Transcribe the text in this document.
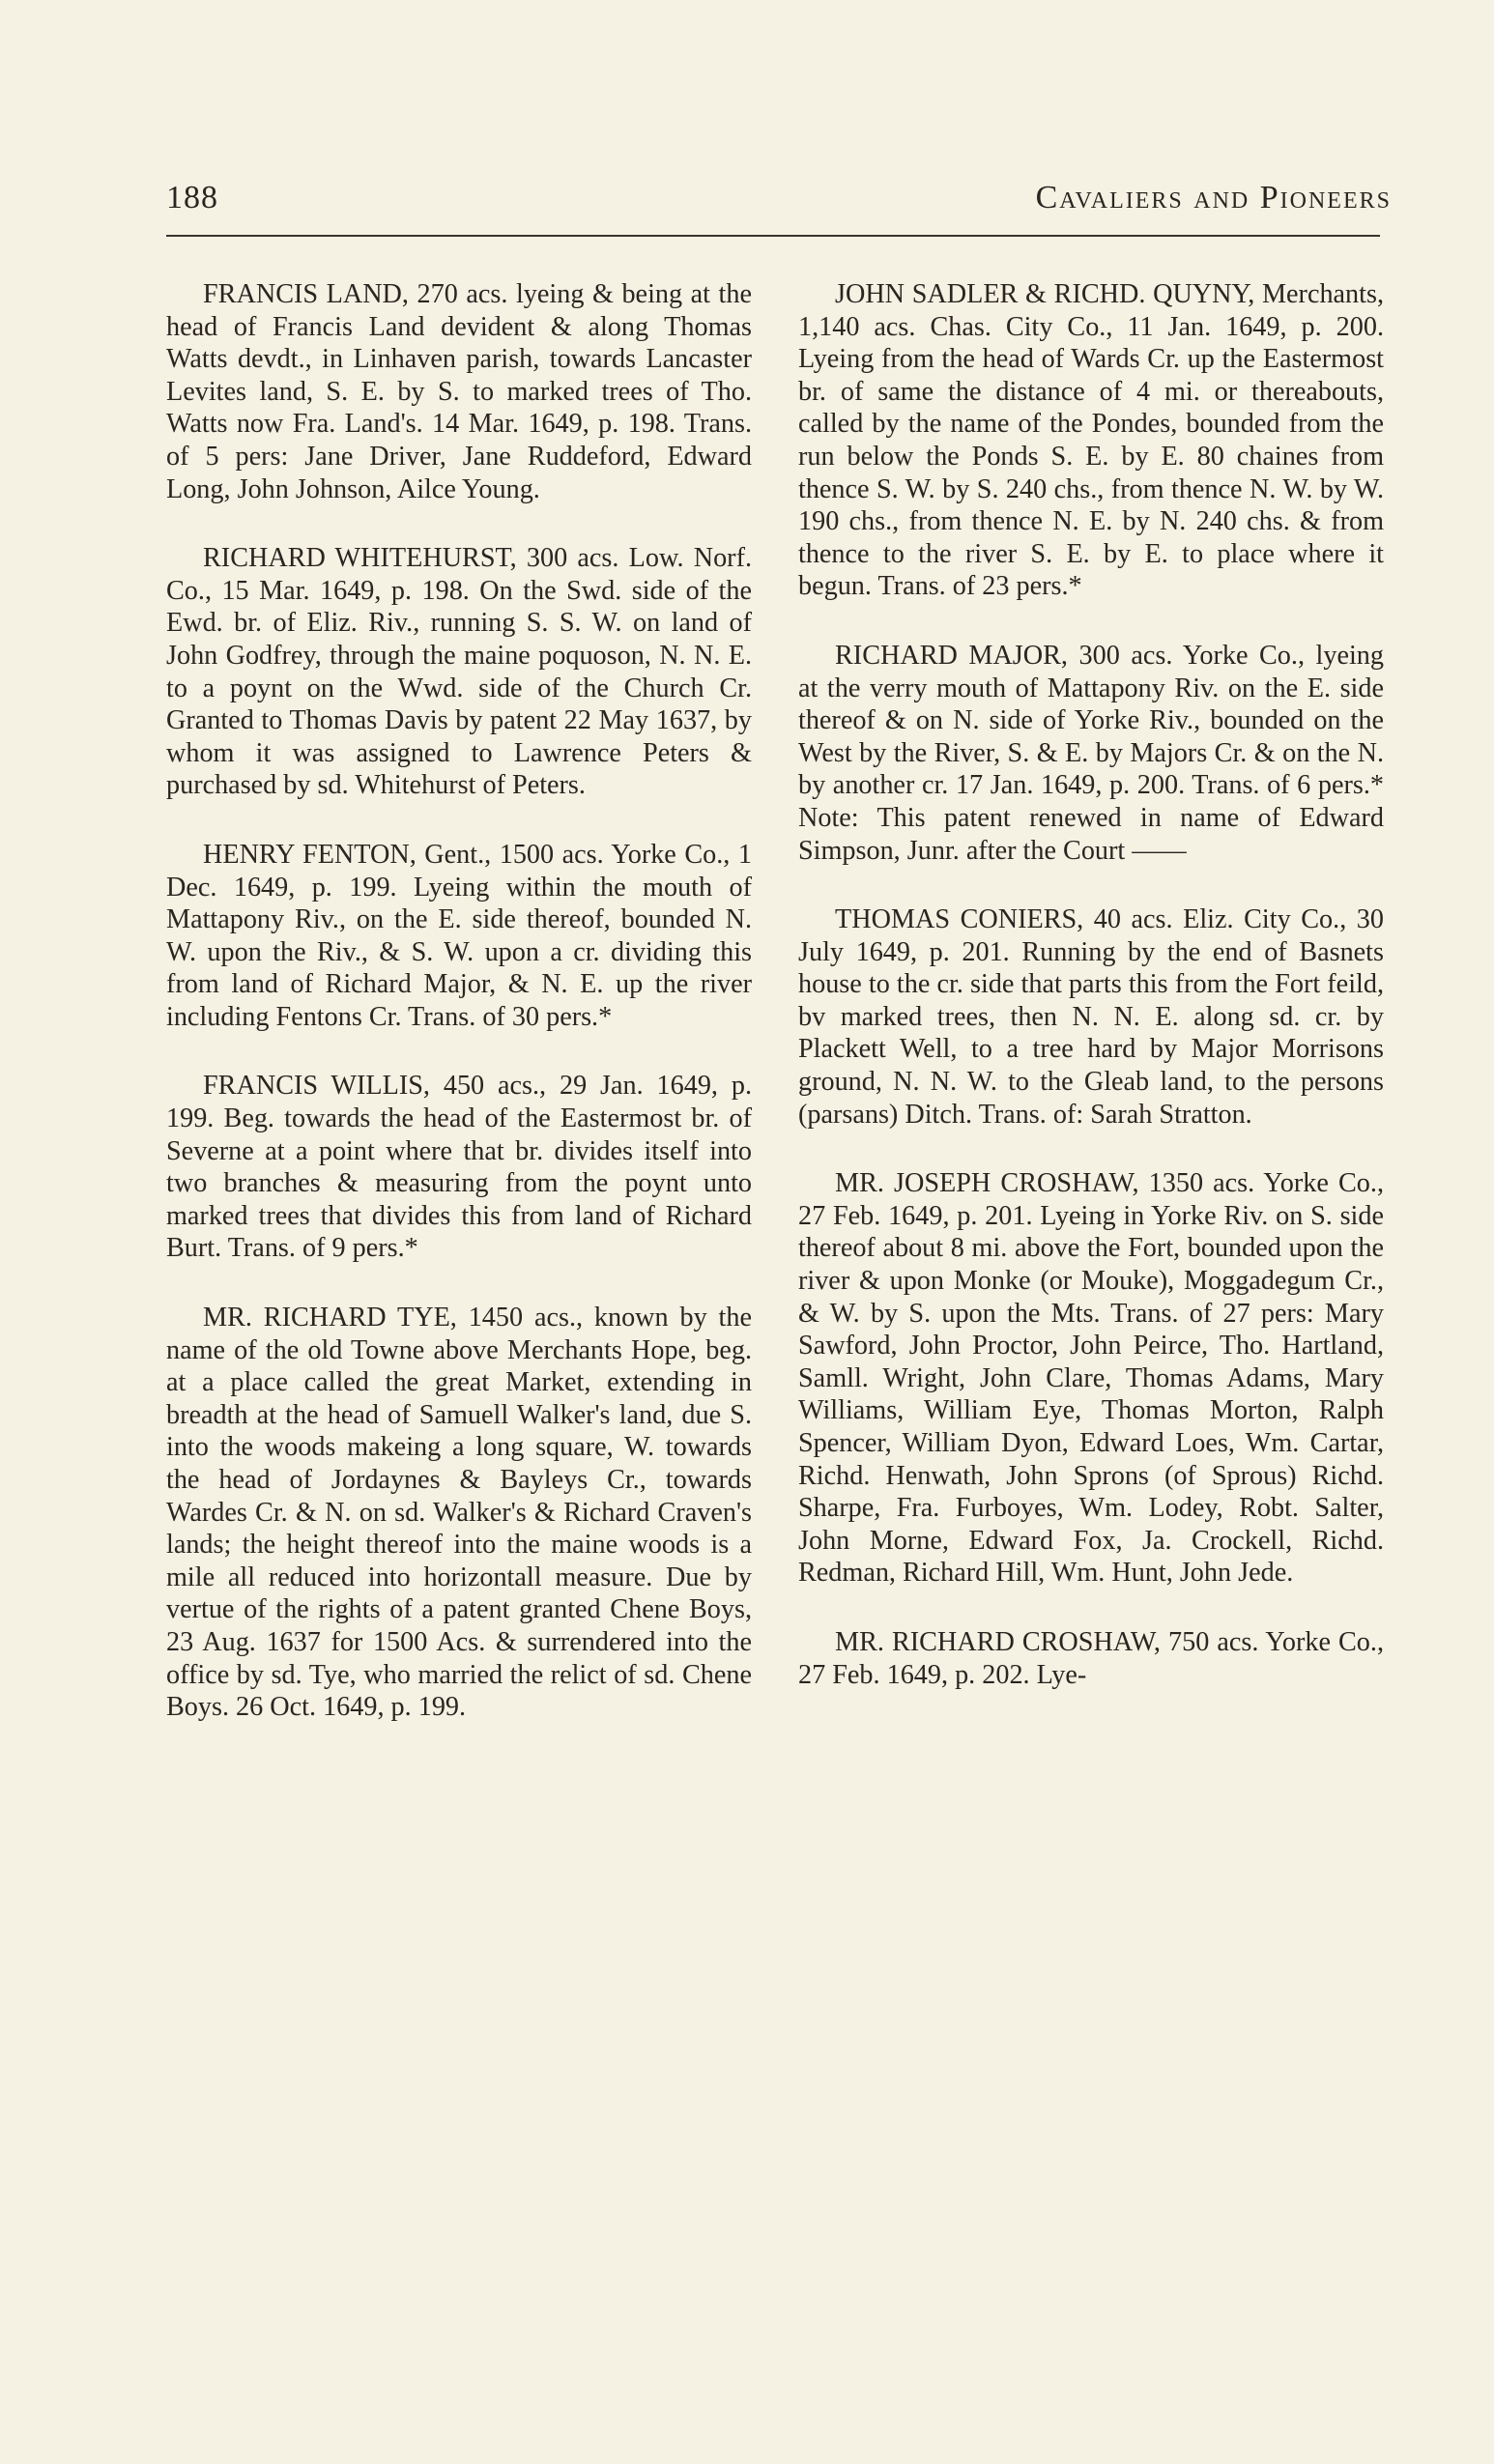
188	Cavaliers and Pioneers

FRANCIS LAND, 270 acs. lyeing & being at the head of Francis Land devident & along Thomas Watts devdt., in Linhaven parish, towards Lancaster Levites land, S. E. by S. to marked trees of Tho. Watts now Fra. Land's. 14 Mar. 1649, p. 198. Trans. of 5 pers: Jane Driver, Jane Ruddeford, Edward Long, John Johnson, Ailce Young.

RICHARD WHITEHURST, 300 acs. Low. Norf. Co., 15 Mar. 1649, p. 198. On the Swd. side of the Ewd. br. of Eliz. Riv., running S. S. W. on land of John Godfrey, through the maine poquoson, N. N. E. to a poynt on the Wwd. side of the Church Cr. Granted to Thomas Davis by patent 22 May 1637, by whom it was assigned to Lawrence Peters & purchased by sd. Whitehurst of Peters.

HENRY FENTON, Gent., 1500 acs. Yorke Co., 1 Dec. 1649, p. 199. Lyeing within the mouth of Mattapony Riv., on the E. side thereof, bounded N. W. upon the Riv., & S. W. upon a cr. dividing this from land of Richard Major, & N. E. up the river including Fentons Cr. Trans. of 30 pers.*

FRANCIS WILLIS, 450 acs., 29 Jan. 1649, p. 199. Beg. towards the head of the Eastermost br. of Severne at a point where that br. divides itself into two branches & measuring from the poynt unto marked trees that divides this from land of Richard Burt. Trans. of 9 pers.*

MR. RICHARD TYE, 1450 acs., known by the name of the old Towne above Merchants Hope, beg. at a place called the great Market, extending in breadth at the head of Samuell Walker's land, due S. into the woods makeing a long square, W. towards the head of Jordaynes & Bayleys Cr., towards Wardes Cr. & N. on sd. Walker's & Richard Craven's lands; the height thereof into the maine woods is a mile all reduced into horizontall measure. Due by vertue of the rights of a patent granted Chene Boys, 23 Aug. 1637 for 1500 Acs. & surrendered into the office by sd. Tye, who married the relict of sd. Chene Boys. 26 Oct. 1649, p. 199.

JOHN SADLER & RICHD. QUYNY, Merchants, 1,140 acs. Chas. City Co., 11 Jan. 1649, p. 200. Lyeing from the head of Wards Cr. up the Eastermost br. of same the distance of 4 mi. or thereabouts, called by the name of the Pondes, bounded from the run below the Ponds S. E. by E. 80 chaines from thence S. W. by S. 240 chs., from thence N. W. by W. 190 chs., from thence N. E. by N. 240 chs. & from thence to the river S. E. by E. to place where it begun. Trans. of 23 pers.*

RICHARD MAJOR, 300 acs. Yorke Co., lyeing at the verry mouth of Mattapony Riv. on the E. side thereof & on N. side of Yorke Riv., bounded on the West by the River, S. & E. by Majors Cr. & on the N. by another cr. 17 Jan. 1649, p. 200. Trans. of 6 pers.* Note: This patent renewed in name of Edward Simpson, Junr. after the Court ——

THOMAS CONIERS, 40 acs. Eliz. City Co., 30 July 1649, p. 201. Running by the end of Basnets house to the cr. side that parts this from the Fort feild, bv marked trees, then N. N. E. along sd. cr. by Plackett Well, to a tree hard by Major Morrisons ground, N. N. W. to the Gleab land, to the persons (parsans) Ditch. Trans. of: Sarah Stratton.

MR. JOSEPH CROSHAW, 1350 acs. Yorke Co., 27 Feb. 1649, p. 201. Lyeing in Yorke Riv. on S. side thereof about 8 mi. above the Fort, bounded upon the river & upon Monke (or Mouke), Moggadegum Cr., & W. by S. upon the Mts. Trans. of 27 pers: Mary Sawford, John Proctor, John Peirce, Tho. Hartland, Samll. Wright, John Clare, Thomas Adams, Mary Williams, William Eye, Thomas Morton, Ralph Spencer, William Dyon, Edward Loes, Wm. Cartar, Richd. Henwath, John Sprons (of Sprous) Richd. Sharpe, Fra. Furboyes, Wm. Lodey, Robt. Salter, John Morne, Edward Fox, Ja. Crockell, Richd. Redman, Richard Hill, Wm. Hunt, John Jede.

MR. RICHARD CROSHAW, 750 acs. Yorke Co., 27 Feb. 1649, p. 202. Lye-
